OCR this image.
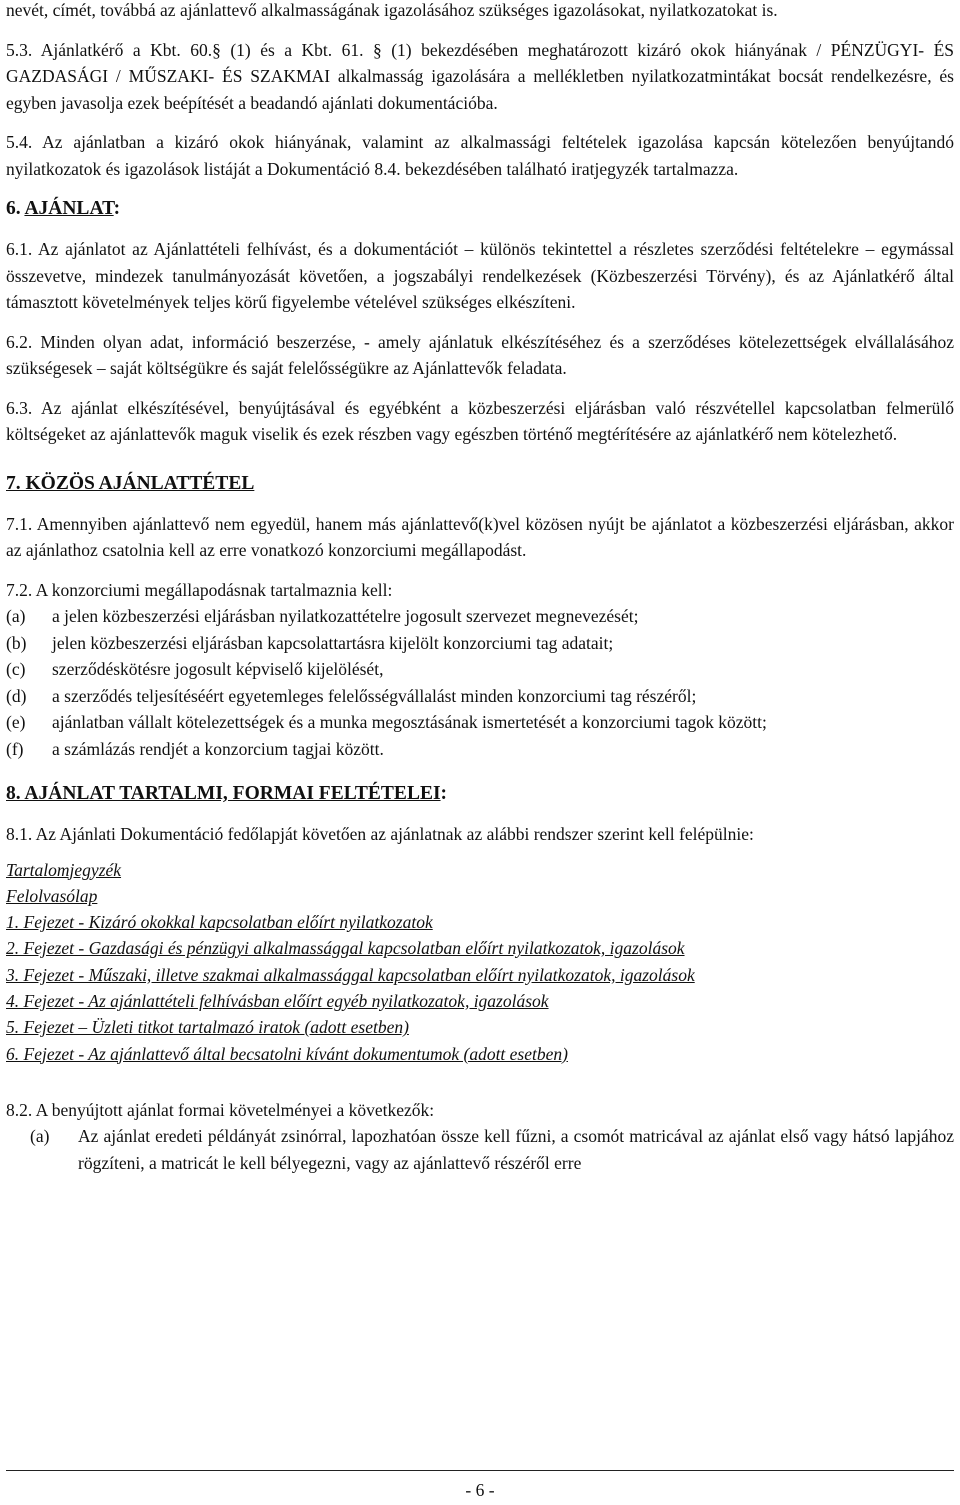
nevét, címét, továbbá az ajánlattevő alkalmasságának igazolásához szükséges igazolásokat, nyilatkozatokat is.

5.3. Ajánlatkérő a Kbt. 60.§ (1) és a Kbt. 61. § (1) bekezdésében meghatározott kizáró okok hiányának / PÉNZÜGYI- ÉS GAZDASÁGI / MŰSZAKI- ÉS SZAKMAI alkalmasság igazolására a mellékletben nyilatkozatmintákat bocsát rendelkezésre, és egyben javasolja ezek beépítését a beadandó ajánlati dokumentációba.

5.4. Az ajánlatban a kizáró okok hiányának, valamint az alkalmassági feltételek igazolása kapcsán kötelezően benyújtandó nyilatkozatok és igazolások listáját a Dokumentáció 8.4. bekezdésében található iratjegyzék tartalmazza.

6. AJÁNLAT:

6.1. Az ajánlatot az Ajánlattételi felhívást, és a dokumentációt – különös tekintettel a részletes szerződési feltételekre – egymással összevetve, mindezek tanulmányozását követően, a jogszabályi rendelkezések (Közbeszerzési Törvény), és az Ajánlatkérő által támasztott követelmények teljes körű figyelembe vételével szükséges elkészíteni.

6.2. Minden olyan adat, információ beszerzése, - amely ajánlatuk elkészítéséhez és a szerződéses kötelezettségek elvállalásához szükségesek – saját költségükre és saját felelősségükre az Ajánlattevők feladata.

6.3. Az ajánlat elkészítésével, benyújtásával és egyébként a közbeszerzési eljárásban való részvétellel kapcsolatban felmerülő költségeket az ajánlattevők maguk viselik és ezek részben vagy egészben történő megtérítésére az ajánlatkérő nem kötelezhető.

7. KÖZÖS AJÁNLATTÉTEL

7.1. Amennyiben ajánlattevő nem egyedül, hanem más ajánlattevő(k)vel közösen nyújt be ajánlatot a közbeszerzési eljárásban, akkor az ajánlathoz csatolnia kell az erre vonatkozó konzorciumi megállapodást.

7.2. A konzorciumi megállapodásnak tartalmaznia kell:

(a)	a jelen közbeszerzési eljárásban nyilatkozattételre jogosult szervezet megnevezését;
(b)	jelen közbeszerzési eljárásban kapcsolattartásra kijelölt konzorciumi tag adatait;
(c)	szerződéskötésre jogosult képviselő kijelölését,
(d)	a szerződés teljesítéséért egyetemleges felelősségvállalást minden konzorciumi tag részéről;
(e)	ajánlatban vállalt kötelezettségek és a munka megosztásának ismertetését a konzorciumi tagok között;
(f)	a számlázás rendjét a konzorcium tagjai között.
8. AJÁNLAT TARTALMI, FORMAI FELTÉTELEI:

8.1. Az Ajánlati Dokumentáció fedőlapját követően az ajánlatnak az alábbi rendszer szerint kell felépülnie:

Tartalomjegyzék
Felolvasólap
1. Fejezet - Kizáró okokkal kapcsolatban előírt nyilatkozatok
2. Fejezet - Gazdasági és pénzügyi alkalmassággal kapcsolatban előírt nyilatkozatok, igazolások
3. Fejezet - Műszaki, illetve szakmai alkalmassággal kapcsolatban előírt nyilatkozatok, igazolások
4. Fejezet - Az ajánlattételi felhívásban előírt egyéb nyilatkozatok, igazolások
5. Fejezet – Üzleti titkot tartalmazó iratok (adott esetben)
6. Fejezet - Az ajánlattevő által becsatolni kívánt dokumentumok (adott esetben)

8.2. A benyújtott ajánlat formai követelményei a következők:

(a)	Az ajánlat eredeti példányát zsinórral, lapozhatóan össze kell fűzni, a csomót matricával az ajánlat első vagy hátsó lapjához rögzíteni, a matricát le kell bélyegezni, vagy az ajánlattevő részéről erre
- 6 -
